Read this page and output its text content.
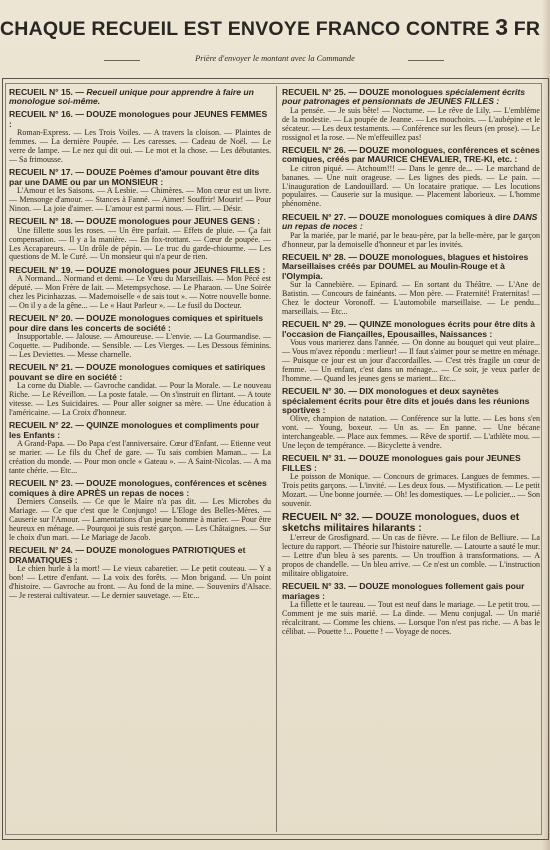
CHAQUE RECUEIL EST ENVOYE FRANCO CONTRE 3 FR
Prière d'envoyer le montant avec la Commande
RECUEIL N° 15. — Recueil unique pour apprendre à faire un monologue soi-même.
RECUEIL N° 16. — DOUZE monologues pour JEUNES FEMMES :
Roman-Express. — Les Trois Voiles. — A travers la cloison. — Plaintes de femmes. — La dernière Poupée. — Les caresses. — Cadeau de Noël. — Le verre de lampe. — Le nez qui dit oui. — Le mot et la chose. — Les débutantes. — Sa frimousse.
RECUEIL N° 17. — DOUZE Poèmes d'amour pouvant être dits par une DAME ou par un MONSIEUR :
L'Amour et les Saisons. — A Lesbie. — Chimères. — Mon cœur est un livre. — Mensonge d'amour. — Stances à Fanné. — Aimer! Souffrir! Mourir! — Pour Ninon. — La joie d'aimer. — L'amour est parmi nous. — Flirt. — Désir.
RECUEIL N° 18. — DOUZE monologues pour JEUNES GENS :
Une fillette sous les roses. — Un être parfait. — Effets de pluie. — Ça fait compensation. — Il y a la manière. — En fox-trottant. — Cœur de poupée. — Les Accapareurs. — Un drôle de pépin. — Le truc du garde-chiourme. — Les questions de M. le Curé. — Un monsieur qui n'a peur de rien.
RECUEIL N° 19. — DOUZE monologues pour JEUNES FILLES :
A Normand... Normand et demi. — Le Vœu du Marseillais. — Mon Pécé est député. — Mon Frère de lait. — Metempsychose. — Le Pharaon. — Une Soirée chez les Picinhazzas. — Mademoiselle « de sais tout ». — Notre nouvelle bonne. — On il y a de la gêne... — Le « Haut Parleur ». — Le fusil du Docteur.
RECUEIL N° 20. — DOUZE monologues comiques et spirituels pour dire dans les concerts de société :
Insupportable. — Jalouse. — Amoureuse. — L'envie. — La Gourmandise. — Coquette. — Pudibonde. — Sensible. — Les Vierges. — Les Dessous féminins. — Les Deviettes. — Messe charnelle.
RECUEIL N° 21. — DOUZE monologues comiques et satiriques pouvant se dire en société :
La corne du Diable. — Gavroche candidat. — Pour la Morale. — Le nouveau Riche. — Le Réveillon. — La poste fatale. — On s'instruit en flirtant. — A toute vitesse. — Les Suicidaires. — Pour aller soigner sa mère. — Une éducation à l'américaine. — La Croix d'honneur.
RECUEIL N° 22. — QUINZE monologues et compliments pour les Enfants :
A Grand-Papa. — Do Papa c'est l'anniversaire. Cœur d'Enfant. — Etienne veut se marier. — Le fils du Chef de gare. — Tu sais combien Maman... — La création du monde. — Pour mon oncle « Gateau ». — A Saint-Nicolas. — A ma tante chérie. — Etc...
RECUEIL N° 23. — DOUZE monologues, conférences et scènes comiques à dire APRÈS un repas de noces :
Derniers Conseils. — Ce que le Maire n'a pas dit. — Les Microbes du Mariage. — Ce que c'est que le Conjungo! — L'Eloge des Belles-Mères. — Causerie sur l'Amour. — Lamentations d'un jeune homme à marier. — Pour être heureux en ménage. — Pourquoi je suis resté garçon. — Les Châtaignes. — Sur le choix d'un mari. — Le Mariage de Jacob.
RECUEIL N° 24. — DOUZE monologues PATRIOTIQUES et DRAMATIQUES :
Le chien hurle à la mort! — Le vieux cabaretier. — Le petit couteau. — Y a bon! — Lettre d'enfant. — La voix des forêts. — Mon brigand. — Un point d'histoire. — Gavroche au front. — Au fond de la mine. — Souvenirs d'Alsace. — Je resterai cultivateur. — Le dernier sauvetage. — Etc...
RECUEIL N° 25. — DOUZE monologues spécialement écrits pour patronages et pensionnats de JEUNES FILLES :
La pensée. — Je suis bête! — Nocturne. — Le rêve de Lily. — L'emblème de la modestie. — La poupée de Jeanne. — Les mouchoirs. — L'aubépine et le sécateur. — Les deux testaments. — Conférence sur les fleurs (en prose). — Le rossignol et la rose. — Ne m'effeuillez pas!
RECUEIL N° 26. — DOUZE monologues, conférences et scènes comiques, créés par MAURICE CHEVALIER, TRE-KI, etc. :
Le citron piqué. — Atchoum!!! — Dans le genre de... — Le marchand de bananes. — Une nuit orageuse. — Les lignes des pieds. — Le pain. — L'inauguration de Landouillard. — Un locataire pratique. — Les locutions populaires. — Causerie sur la musique. — Placement laborieux. — L'homme phénomène.
RECUEIL N° 27. — DOUZE monologues comiques à dire DANS un repas de noces :
Par la mariée, par le marié, par le beau-père, par la belle-mère, par le garçon d'honneur, par la demoiselle d'honneur et par les invités.
RECUEIL N° 28. — DOUZE monologues, blagues et histoires Marseillaises créés par DOUMEL au Moulin-Rouge et à l'Olympia.
Sur la Cannebière. — Epinard. — En sortant du Théâtre. — L'Ane de Batistin. — Concours de fainéants. — Mon père. — Fraternité! Fraternitas! — Chez le docteur Voronoff. — L'automobile marseillaise. — Le pendu... marseillais. — Etc...
RECUEIL N° 29. — QUINZE monologues écrits pour être dits à l'occasion de Fiançailles, Epousailles, Naissances :
Vous vous marierez dans l'année. — On donne au bouquet qui veut plaire... — Vous m'avez répondu : merlieur! — Il faut s'aimer pour se mettre en ménage. — Puisque ce jour est un jour d'accordailles. — C'est très fragile un cœur de femme. — Un enfant, c'est dans un ménage... — Ce soir, je veux parler de l'homme. — Quand les jeunes gens se marient... Etc...
RECUEIL N° 30. — DIX monologues et deux saynètes spécialement écrits pour être dits et joués dans les réunions sportives :
Olive, champion de natation. — Conférence sur la lutte. — Les bons s'en vont. — Young, boxeur. — Un as. — En panne. — Une bécane interchangeable. — Place aux femmes. — Rêve de sportif. — L'athlète mou. — Une leçon de tempérance. — Bicyclette à vendre.
RECUEIL N° 31. — DOUZE monologues gais pour JEUNES FILLES :
Le poisson de Monique. — Concours de grimaces. Langues de femmes. — Trois petits garçons. — L'invité. — Les deux fous. — Mystification. — Le petit Mozart. — Une bonne journée. — Oh! les domestiques. — Le policier... — Son souvenir.
RECUEIL N° 32. — DOUZE monologues, duos et sketchs militaires hilarants :
L'erreur de Grosfignard. — Un cas de fièvre. — Le filon de Belliure. — La lecture du rapport. — Théorie sur l'histoire naturelle. — Latourte a sauté le mur. — Lettre d'un bleu à ses parents. — Un trouffion à transformations. — A propos de chandelle. — Un bleu arrive. — Ce n'est un comble. — L'instruction militaire obligatoire.
RECUEIL N° 33. — DOUZE monologues follement gais pour mariages :
La fillette et le taureau. — Tout est neuf dans le mariage. — Le petit trou. — Comment je me suis marié. — La dinde. — Menu conjugal. — Un marié récalcitrant. — Comme les chiens. — Lorsque l'on n'est pas riche. — A bas le célibat. — Pouette !... Pouette ! — Voyage de noces.
